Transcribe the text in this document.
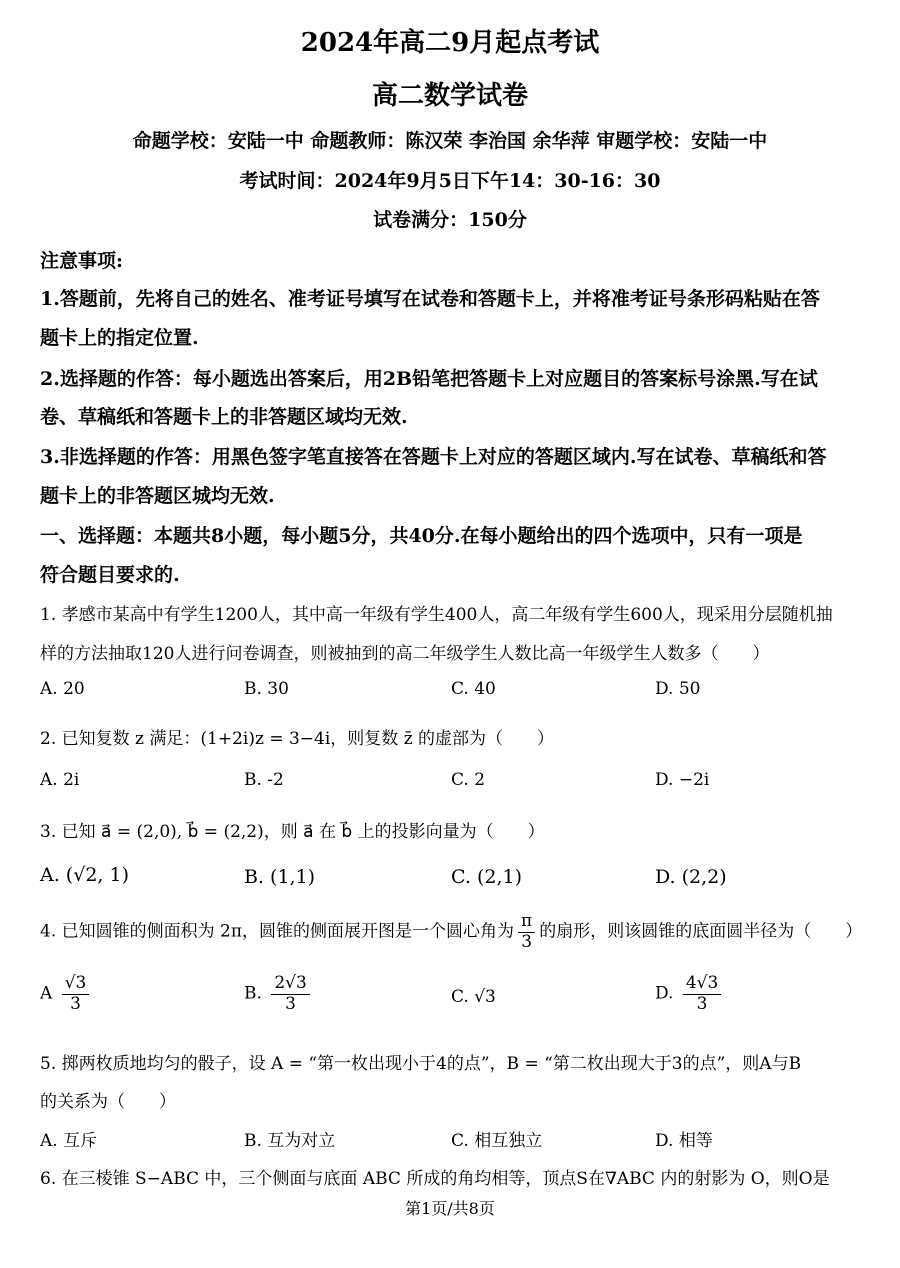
2024年高二9月起点考试
高二数学试卷
命题学校：安陆一中 命题教师：陈汉荣 李治国 余华萍 审题学校：安陆一中
考试时间：2024年9月5日下午14：30-16：30
试卷满分：150分
注意事项:
1.答题前，先将自己的姓名、准考证号填写在试卷和答题卡上，并将准考证号条形码粘贴在答
题卡上的指定位置.
2.选择题的作答：每小题选出答案后，用2B铅笔把答题卡上对应题目的答案标号涂黑.写在试
卷、草稿纸和答题卡上的非答题区域均无效.
3.非选择题的作答：用黑色签字笔直接答在答题卡上对应的答题区域内.写在试卷、草稿纸和答
题卡上的非答题区城均无效.
一、选择题：本题共8小题，每小题5分，共40分.在每小题给出的四个选项中，只有一项是
符合题目要求的.
1. 孝感市某高中有学生1200人，其中高一年级有学生400人，高二年级有学生600人，现采用分层随机抽
样的方法抽取120人进行问卷调查，则被抽到的高二年级学生人数比高一年级学生人数多（　　）
A. 20	B. 30	C. 40	D. 50
2. 已知复数 z 满足：(1+2i)z = 3−4i，则复数 z̄ 的虚部为（　　）
A. 2i	B. -2	C. 2	D. −2i
3. 已知 a⃗ = (2,0), b⃗ = (2,2)，则 a⃗ 在 b⃗ 上的投影向量为（　　）
A. (√2, 1)	B. (1,1)	C. (2,1)	D. (2,2)
4. 已知圆锥的侧面积为 2π，圆锥的侧面展开图是一个圆心角为 $\frac{\pi}{3}$ 的扇形，则该圆锥的底面圆半径为（　　）
A $\frac{√3}{3}$	B. $\frac{2√3}{3}$	C. √3	D. $\frac{4√3}{3}$
5. 掷两枚质地均匀的骰子，设 A = “第一枚出现小于4的点”，B = “第二枚出现大于3的点”，则A与B
的关系为（　　）
A. 互斥	B. 互为对立	C. 相互独立	D. 相等
6. 在三棱锥 S−ABC 中，三个侧面与底面 ABC 所成的角均相等，顶点S在∇ABC 内的射影为 O，则O是
第1页/共8页
